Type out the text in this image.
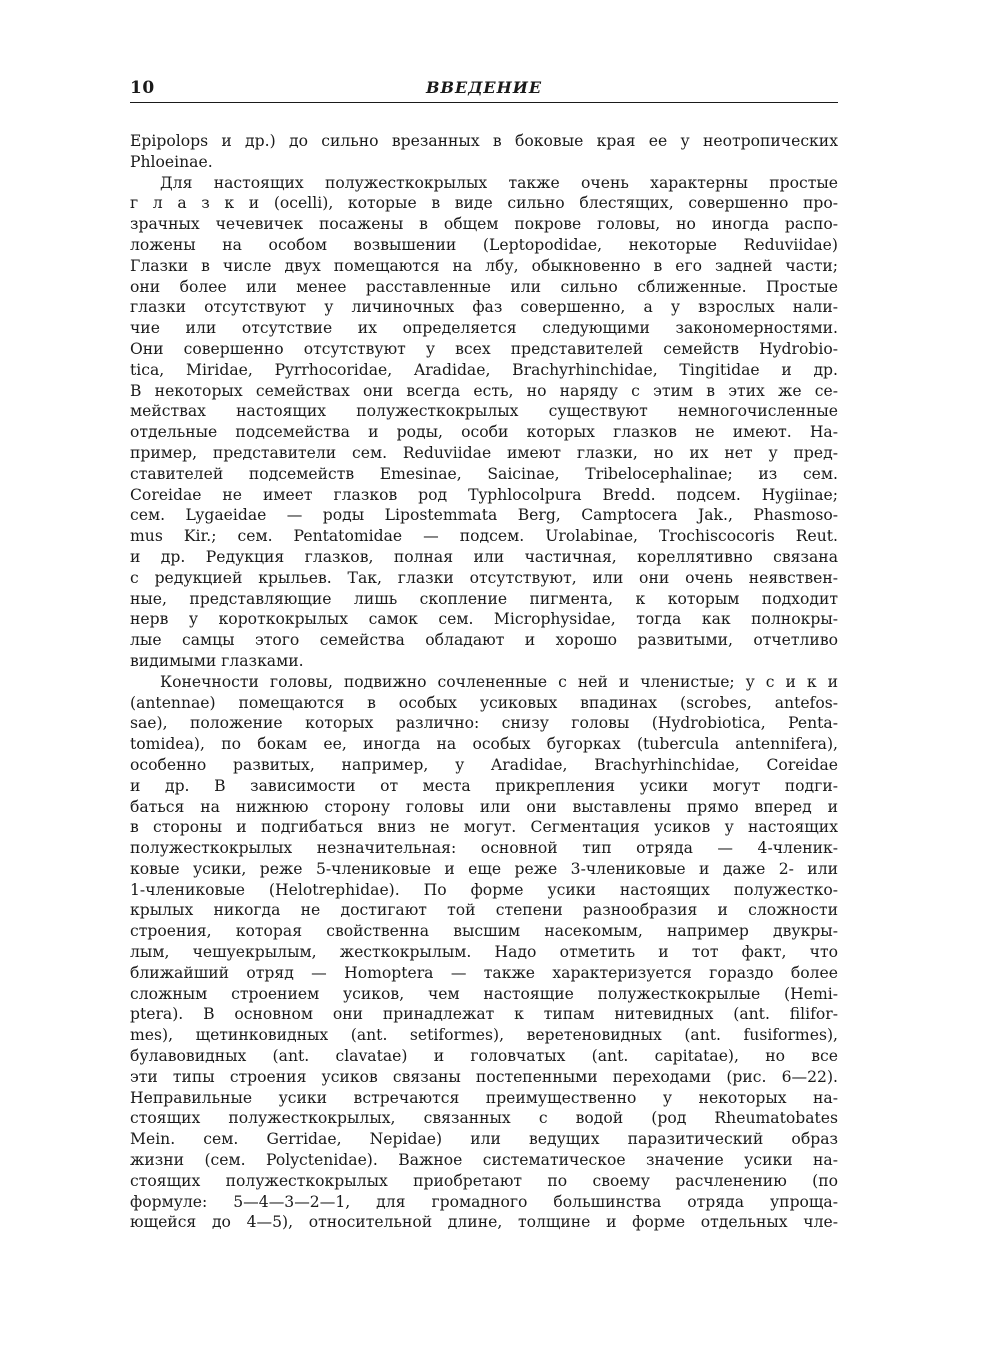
10	ВВЕДЕНИЕ
Epipolops и др.) до сильно врезанных в боковые края ее у неотропических
Phloeinae.
Для настоящих полужесткокрылых также очень характерны простые
г л а з к и (ocelli), которые в виде сильно блестящих, совершенно про-
зрачных чечевичек посажены в общем покрове головы, но иногда распо-
ложены на особом возвышении (Leptopodidae, некоторые Reduviidae)
Глазки в числе двух помещаются на лбу, обыкновенно в его задней части;
они более или менее расставленные или сильно сближенные. Простые
глазки отсутствуют у личиночных фаз совершенно, а у взрослых нали-
чие или отсутствие их определяется следующими закономерностями.
Они совершенно отсутствуют у всех представителей семейств Hydrobio-
tica, Miridae, Pyrrhocoridae, Aradidae, Brachyrhinchidae, Tingitidae и др.
В некоторых семействах они всегда есть, но наряду с этим в этих же се-
мействах настоящих полужесткокрылых существуют немногочисленные
отдельные подсемейства и роды, особи которых глазков не имеют. На-
пример, представители сем. Reduviidae имеют глазки, но их нет у пред-
ставителей подсемейств Emesinae, Saicinae, Tribelocephalinae; из сем.
Coreidae не имеет глазков род Typhlocolpura Bredd. подсем. Hygiinae;
сем. Lygaeidae — роды Lipostemmata Berg, Camptocera Jak., Phasmoso-
mus Kir.; сем. Pentatomidae — подсем. Urolabinae, Trochiscocoris Reut.
и др. Редукция глазков, полная или частичная, кореллятивно связана
с редукцией крыльев. Так, глазки отсутствуют, или они очень неявствен-
ные, представляющие лишь скопление пигмента, к которым подходит
нерв у короткокрылых самок сем. Microphysidae, тогда как полнокры-
лые самцы этого семейства обладают и хорошо развитыми, отчетливо
видимыми глазками.
Конечности головы, подвижно сочлененные с ней и членистые; у с и к и
(antennae) помещаются в особых усиковых впадинах (scrobes, antefos-
sae), положение которых различно: снизу головы (Hydrobiotica, Penta-
tomidea), по бокам ее, иногда на особых бугорках (tubercula antennifera),
особенно развитых, например, у Aradidae, Brachyrhinchidae, Coreidae
и др. В зависимости от места прикрепления усики могут подги-
баться на нижнюю сторону головы или они выставлены прямо вперед и
в стороны и подгибаться вниз не могут. Сегментация усиков у настоящих
полужесткокрылых незначительная: основной тип отряда — 4-членик-
ковые усики, реже 5-члениковые и еще реже 3-члениковые и даже 2- или
1-члениковые (Helotrephidae). По форме усики настоящих полужестко-
крылых никогда не достигают той степени разнообразия и сложности
строения, которая свойственна высшим насекомым, например двукры-
лым, чешуекрылым, жесткокрылым. Надо отметить и тот факт, что
ближайший отряд — Homoptera — также характеризуется гораздо более
сложным строением усиков, чем настоящие полужесткокрылые (Hemi-
ptera). В основном они принадлежат к типам нитевидных (ant. filifor-
mes), щетинковидных (ant. setiformes), веретеновидных (ant. fusiformes),
булавовидных (ant. clavatae) и головчатых (ant. capitatae), но все
эти типы строения усиков связаны постепенными переходами (рис. 6—22).
Неправильные усики встречаются преимущественно у некоторых на-
стоящих полужесткокрылых, связанных с водой (род Rheumatobates
Mein. сем. Gerridae, Nepidae) или ведущих паразитический образ
жизни (сем. Polyctenidae). Важное систематическое значение усики на-
стоящих полужесткокрылых приобретают по своему расчленению (по
формуле: 5—4—3—2—1, для громадного большинства отряда упроща-
ющейся до 4—5), относительной длине, толщине и форме отдельных чле-
